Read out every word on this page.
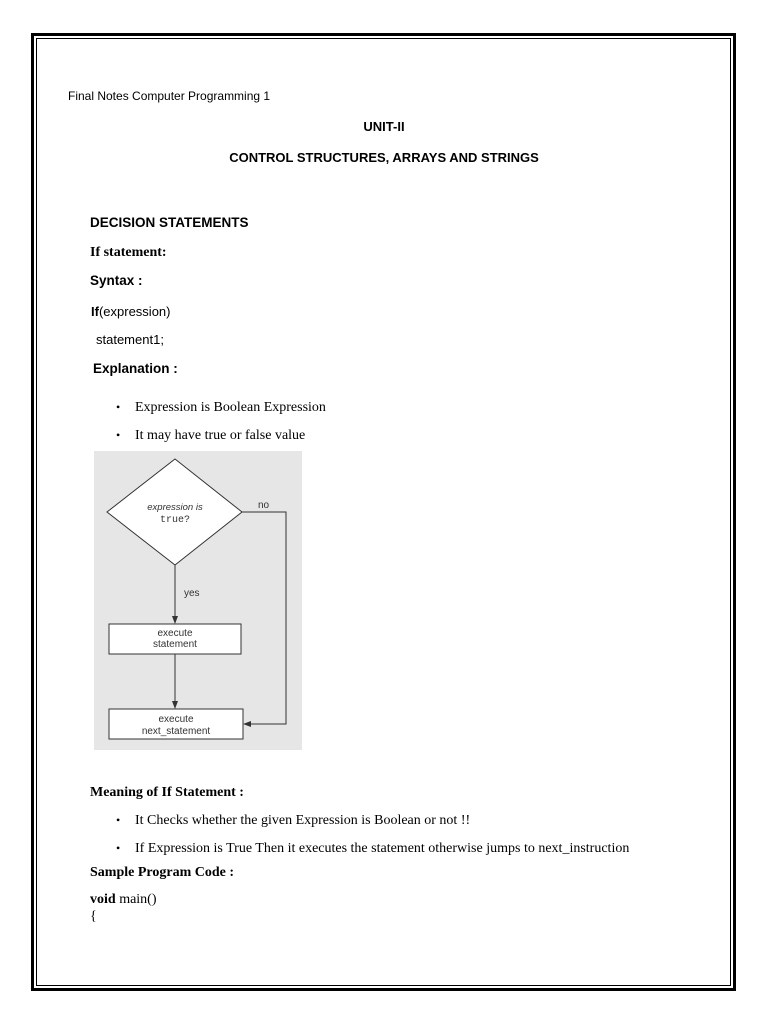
Final Notes Computer Programming 1

UNIT-II

CONTROL STRUCTURES, ARRAYS AND STRINGS

DECISION STATEMENTS

If statement:

Syntax :

If(expression)

statement1;

Explanation :

• Expression is Boolean Expression
• It may have true or false value
expression is
true?
no
yes
execute
statement
execute
next_statement

Meaning of If Statement :

• It Checks whether the given Expression is Boolean or not !!
• If Expression is True Then it executes the statement otherwise jumps to next_instruction

Sample Program Code :

void main()

{
